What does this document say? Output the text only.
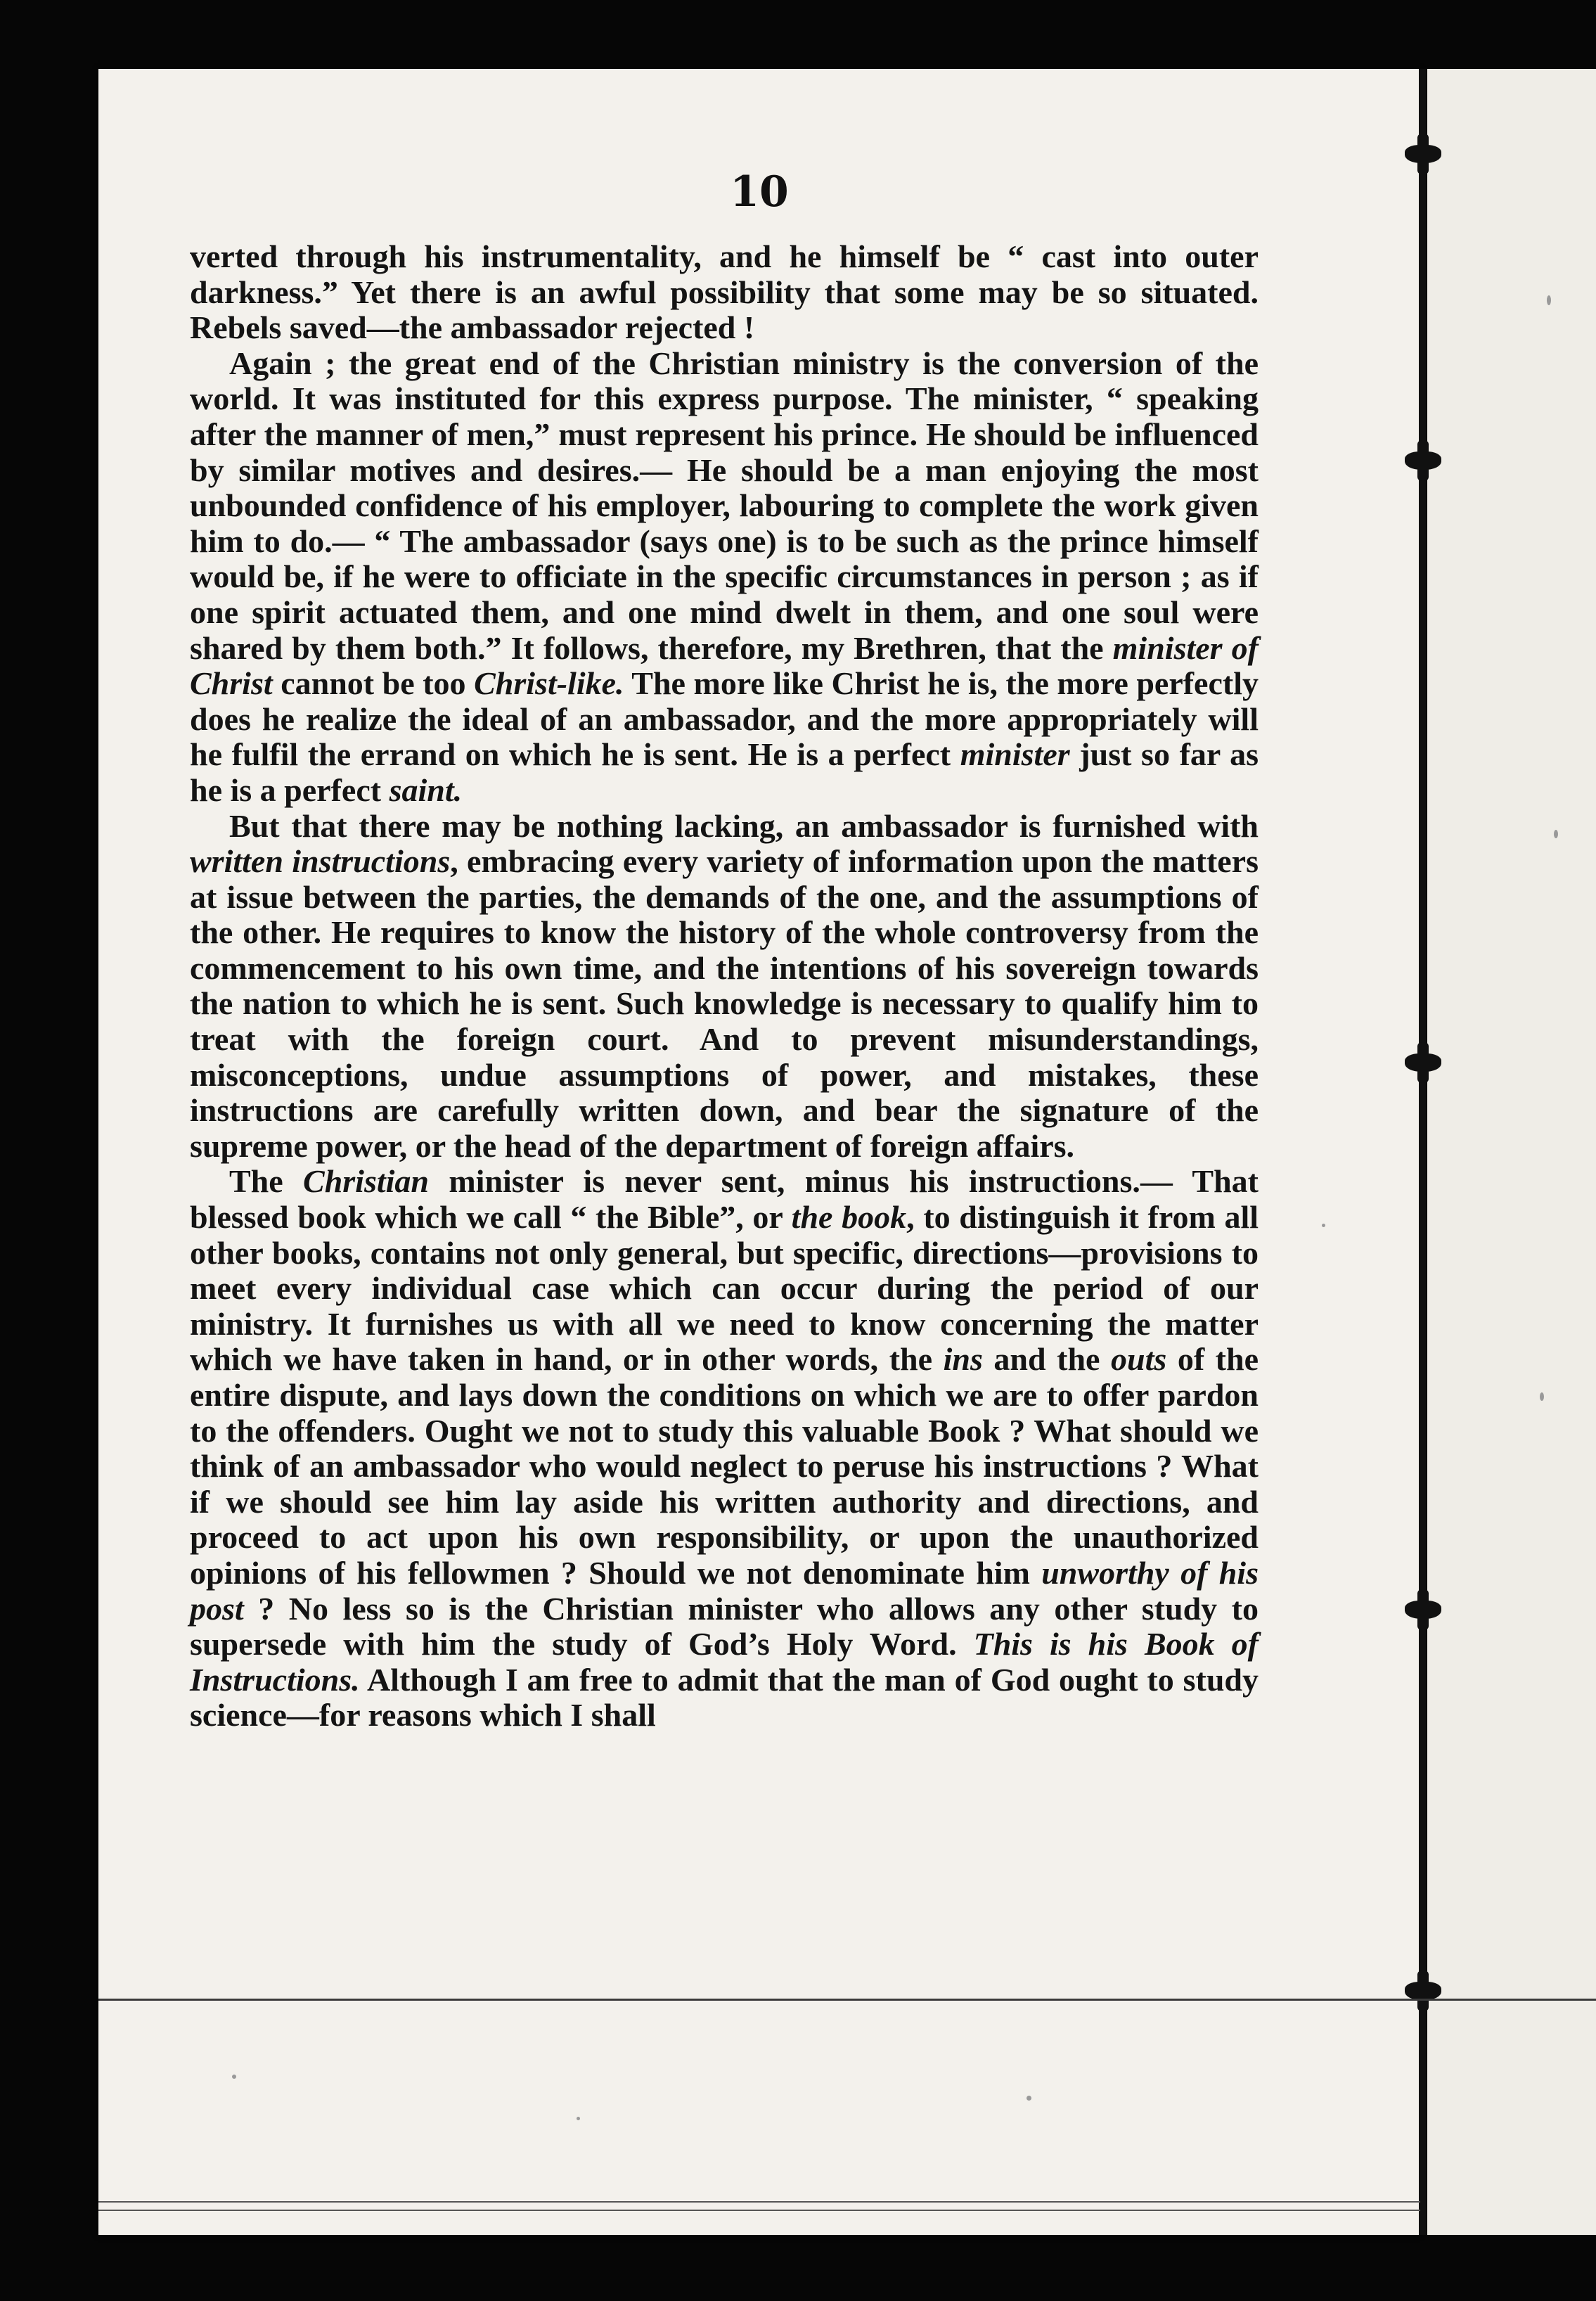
10

verted through his instrumentality, and he himself be “ cast into outer darkness.” Yet there is an awful possibility that some may be so situated. Rebels saved—the ambassador rejected !

Again ; the great end of the Christian ministry is the conversion of the world. It was instituted for this express purpose. The minister, “ speaking after the manner of men,” must represent his prince. He should be influenced by similar motives and desires.— He should be a man enjoying the most unbounded confidence of his employer, labouring to complete the work given him to do.— “ The ambassador (says one) is to be such as the prince himself would be, if he were to officiate in the specific circumstances in person ; as if one spirit actuated them, and one mind dwelt in them, and one soul were shared by them both.” It follows, therefore, my Brethren, that the minister of Christ cannot be too Christ-like. The more like Christ he is, the more perfectly does he realize the ideal of an ambassador, and the more appropriately will he fulfil the errand on which he is sent. He is a perfect minister just so far as he is a perfect saint.

But that there may be nothing lacking, an ambassador is furnished with written instructions, embracing every variety of information upon the matters at issue between the parties, the demands of the one, and the assumptions of the other. He requires to know the history of the whole controversy from the commencement to his own time, and the intentions of his sovereign towards the nation to which he is sent. Such knowledge is necessary to qualify him to treat with the foreign court. And to prevent misunderstandings, misconceptions, undue assumptions of power, and mistakes, these instructions are carefully written down, and bear the signature of the supreme power, or the head of the department of foreign affairs.

The Christian minister is never sent, minus his instructions.— That blessed book which we call “ the Bible”, or the book, to distinguish it from all other books, contains not only general, but specific, directions—provisions to meet every individual case which can occur during the period of our ministry. It furnishes us with all we need to know concerning the matter which we have taken in hand, or in other words, the ins and the outs of the entire dispute, and lays down the conditions on which we are to offer pardon to the offenders. Ought we not to study this valuable Book ? What should we think of an ambassador who would neglect to peruse his instructions ? What if we should see him lay aside his written authority and directions, and proceed to act upon his own responsibility, or upon the unauthorized opinions of his fellowmen ? Should we not denominate him unworthy of his post ? No less so is the Christian minister who allows any other study to supersede with him the study of God’s Holy Word. This is his Book of Instructions. Although I am free to admit that the man of God ought to study science—for reasons which I shall
